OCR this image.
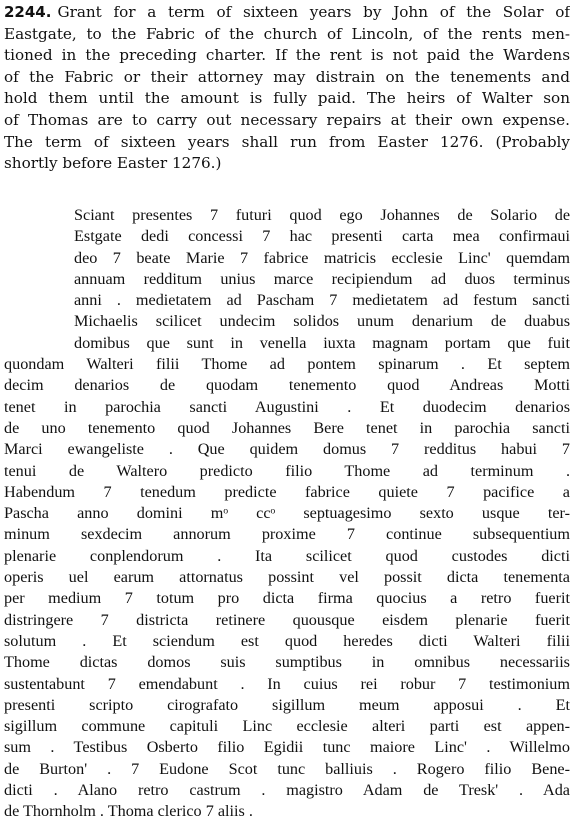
2244. Grant for a term of sixteen years by John of the Solar of
Eastgate, to the Fabric of the church of Lincoln, of the rents men-
tioned in the preceding charter. If the rent is not paid the Wardens
of the Fabric or their attorney may distrain on the tenements and
hold them until the amount is fully paid. The heirs of Walter son
of Thomas are to carry out necessary repairs at their own expense.
The term of sixteen years shall run from Easter 1276. (Probably
shortly before Easter 1276.)
Sciant presentes 7 futuri quod ego Johannes de Solario de
Estgate dedi concessi 7 hac presenti carta mea confirmaui
deo 7 beate Marie 7 fabrice matricis ecclesie Linc' quemdam
annuam redditum unius marce recipiendum ad duos terminus
anni . medietatem ad Pascham 7 medietatem ad festum sancti
Michaelis scilicet undecim solidos unum denarium de duabus
domibus que sunt in venella iuxta magnam portam que fuit
quondam Walteri filii Thome ad pontem spinarum . Et septem
decim denarios de quodam tenemento quod Andreas Motti
tenet in parochia sancti Augustini . Et duodecim denarios
de uno tenemento quod Johannes Bere tenet in parochia sancti
Marci ewangeliste . Que quidem domus 7 redditus habui 7
tenui de Waltero predicto filio Thome ad terminum .
Habendum 7 tenedum predicte fabrice quiete 7 pacifice a
Pascha anno domini mᵒ ccᵒ septuagesimo sexto usque ter-
minum sexdecim annorum proxime 7 continue subsequentium
plenarie conplendorum . Ita scilicet quod custodes dicti
operis uel earum attornatus possint vel possit dicta tenementa
per medium 7 totum pro dicta firma quocius a retro fuerit
distringere 7 districta retinere quousque eisdem plenarie fuerit
solutum . Et sciendum est quod heredes dicti Walteri filii
Thome dictas domos suis sumptibus in omnibus necessariis
sustentabunt 7 emendabunt . In cuius rei robur 7 testimonium
presenti scripto cirografato sigillum meum apposui . Et
sigillum commune capituli Linc ecclesie alteri parti est appen-
sum . Testibus Osberto filio Egidii tunc maiore Linc' . Willelmo
de Burton' . 7 Eudone Scot tunc balliuis . Rogero filio Bene-
dicti . Alano retro castrum . magistro Adam de Tresk' . Ada
de Thornholm . Thoma clerico 7 aliis .
